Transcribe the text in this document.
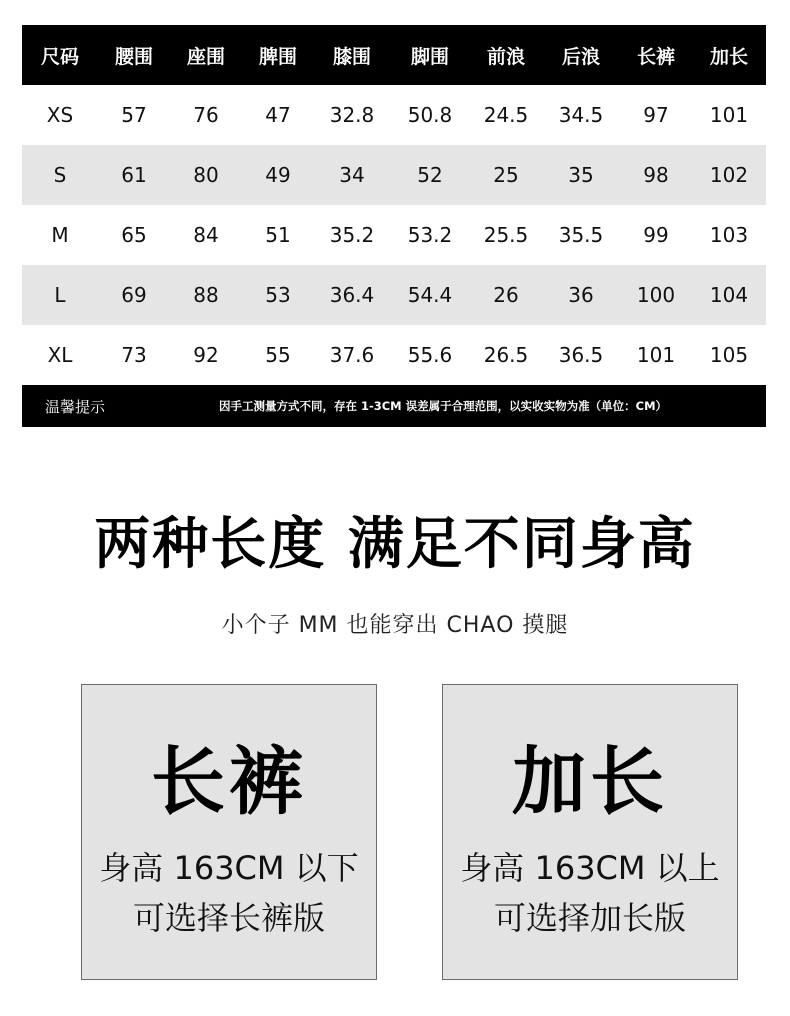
尺码	腰围	座围	脾围	膝围	脚围	前浪	后浪	长裤	加长
XS	57	76	47	32.8	50.8	24.5	34.5	97	101
S	61	80	49	34	52	25	35	98	102
M	65	84	51	35.2	53.2	25.5	35.5	99	103
L	69	88	53	36.4	54.4	26	36	100	104
XL	73	92	55	37.6	55.6	26.5	36.5	101	105
温馨提示	因手工测量方式不同，存在 1-3CM 误差属于合理范围，以实收实物为准（单位：CM）
两种长度 满足不同身高
小个子 MM 也能穿出 CHAO 摸腿
长裤
身高 163CM 以下
可选择长裤版
加长
身高 163CM 以上
可选择加长版
